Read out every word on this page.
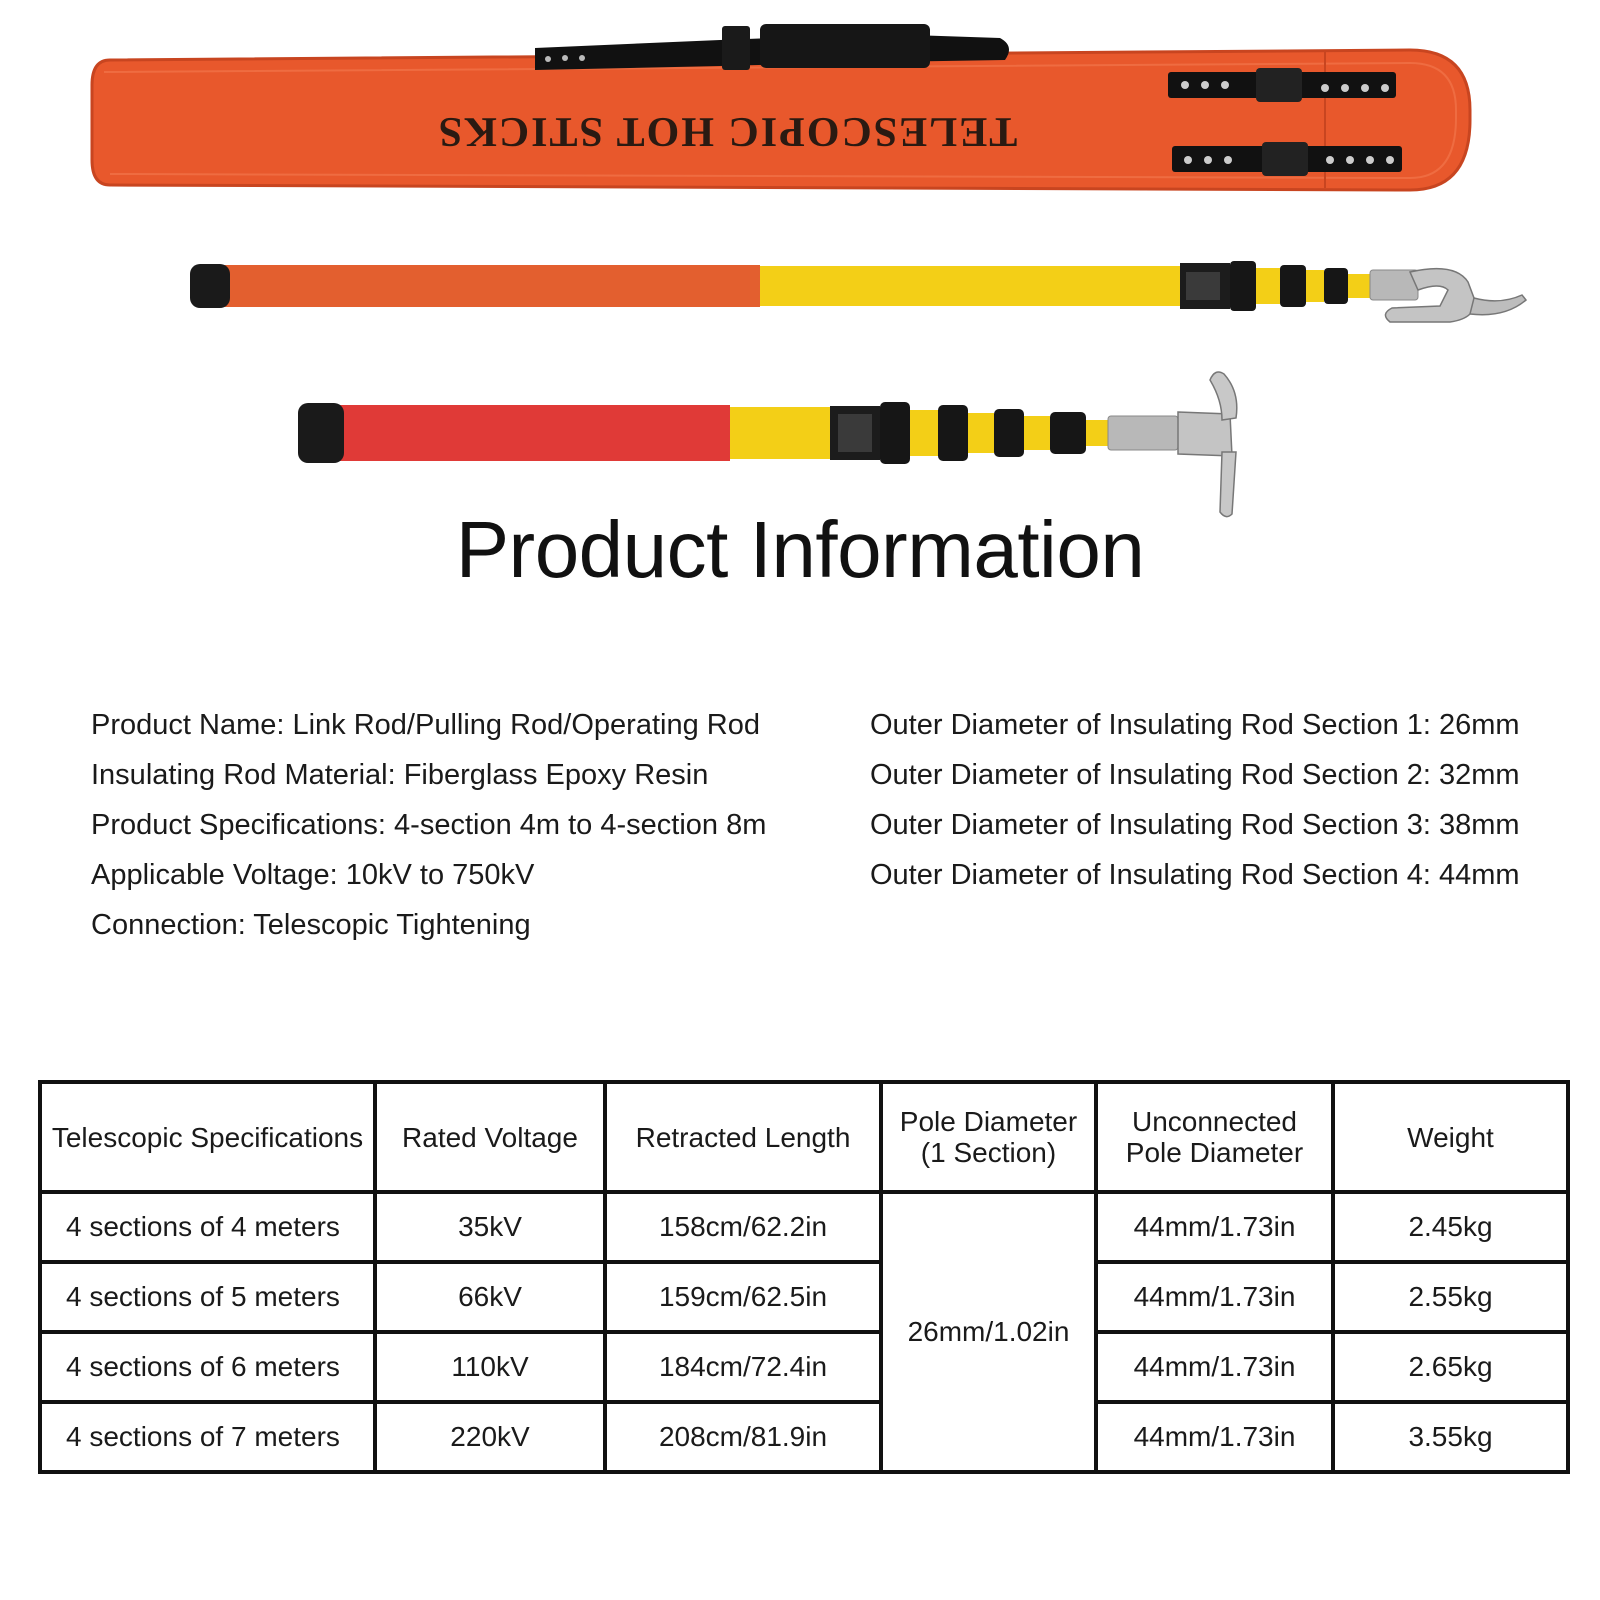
TELESCOPIC HOT STICKS
Product Information
Product Name: Link Rod/Pulling Rod/Operating Rod
Insulating Rod Material: Fiberglass Epoxy Resin
Product Specifications: 4-section 4m to 4-section 8m
Applicable Voltage: 10kV to 750kV
Connection: Telescopic Tightening
Outer Diameter of Insulating Rod Section 1: 26mm
Outer Diameter of Insulating Rod Section 2: 32mm
Outer Diameter of Insulating Rod Section 3: 38mm
Outer Diameter of Insulating Rod Section 4: 44mm
Telescopic Specifications	Rated Voltage	Retracted Length	Pole Diameter (1 Section)	Unconnected Pole Diameter	Weight
4 sections of 4 meters	35kV	158cm/62.2in	26mm/1.02in	44mm/1.73in	2.45kg
4 sections of 5 meters	66kV	159cm/62.5in		44mm/1.73in	2.55kg
4 sections of 6 meters	110kV	184cm/72.4in		44mm/1.73in	2.65kg
4 sections of 7 meters	220kV	208cm/81.9in		44mm/1.73in	3.55kg
